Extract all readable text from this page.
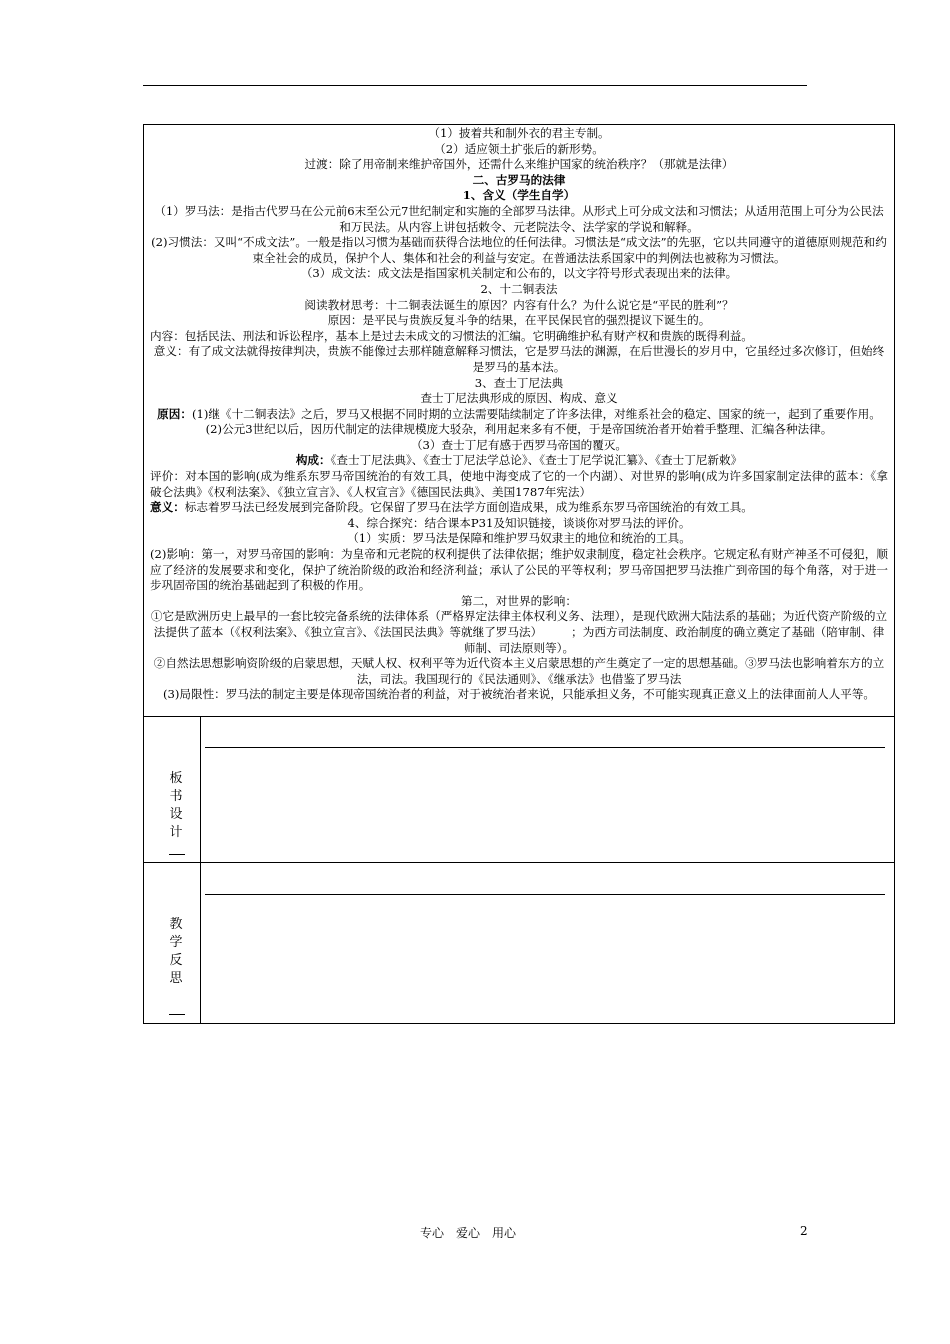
（1）披着共和制外衣的君主专制。

（2）适应领土扩张后的新形势。

过渡：除了用帝制来维护帝国外，还需什么来维护国家的统治秩序？（那就是法律）

二、古罗马的法律

1、含义（学生自学）

（1）罗马法：是指古代罗马在公元前6末至公元7世纪制定和实施的全部罗马法律。从形式上可分成文法和习惯法；从适用范围上可分为公民法和万民法。从内容上讲包括敕令、元老院法令、法学家的学说和解释。

(2)习惯法：又叫“不成文法”。一般是指以习惯为基础而获得合法地位的任何法律。习惯法是“成文法”的先驱，它以共同遵守的道德原则规范和约束全社会的成员，保护个人、集体和社会的利益与安定。在普通法法系国家中的判例法也被称为习惯法。

（3）成文法：成文法是指国家机关制定和公布的，以文字符号形式表现出来的法律。

2、十二铜表法

阅读教材思考：十二铜表法诞生的原因？内容有什么？为什么说它是“平民的胜利”？

原因：是平民与贵族反复斗争的结果，在平民保民官的强烈提议下诞生的。

内容：包括民法、刑法和诉讼程序，基本上是过去未成文的习惯法的汇编。它明确维护私有财产权和贵族的既得利益。

意义：有了成文法就得按律判决，贵族不能像过去那样随意解释习惯法，它是罗马法的渊源，在后世漫长的岁月中，它虽经过多次修订，但始终是罗马的基本法。

3、查士丁尼法典

查士丁尼法典形成的原因、构成、意义

原因：(1)继《十二铜表法》之后，罗马又根据不同时期的立法需要陆续制定了许多法律，对维系社会的稳定、国家的统一，起到了重要作用。

(2)公元3世纪以后，因历代制定的法律规模庞大驳杂，利用起来多有不便，于是帝国统治者开始着手整理、汇编各种法律。

（3）查士丁尼有感于西罗马帝国的覆灭。

构成：《查士丁尼法典》、《查士丁尼法学总论》、《查士丁尼学说汇纂》、《查士丁尼新敕》

评价：对本国的影响(成为维系东罗马帝国统治的有效工具，使地中海变成了它的一个内湖）、对世界的影响(成为许多国家制定法律的蓝本：《拿破仑法典》《权利法案》、《独立宣言》、《人权宣言》《德国民法典》、美国1787年宪法）

意义：标志着罗马法已经发展到完备阶段。它保留了罗马在法学方面创造成果，成为维系东罗马帝国统治的有效工具。

4、综合探究：结合课本P31及知识链接，谈谈你对罗马法的评价。

（1）实质：罗马法是保障和维护罗马奴隶主的地位和统治的工具。

(2)影响：第一，对罗马帝国的影响：为皇帝和元老院的权利提供了法律依据；维护奴隶制度，稳定社会秩序。它规定私有财产神圣不可侵犯，顺应了经济的发展要求和变化，保护了统治阶级的政治和经济利益；承认了公民的平等权利；罗马帝国把罗马法推广到帝国的每个角落，对于进一步巩固帝国的统治基础起到了积极的作用。

第二，对世界的影响：

①它是欧洲历史上最早的一套比较完备系统的法律体系（严格界定法律主体权利义务、法理），是现代欧洲大陆法系的基础；为近代资产阶级的立法提供了蓝本（《权利法案》、《独立宣言》、《法国民法典》等就继了罗马法）　　　；为西方司法制度、政治制度的确立奠定了基础（陪审制、律师制、司法原则等）。

②自然法思想影响资阶级的启蒙思想，天赋人权、权利平等为近代资本主义启蒙思想的产生奠定了一定的思想基础。③罗马法也影响着东方的立法，司法。我国现行的《民法通则》、《继承法》也借鉴了罗马法

(3)局限性：罗马法的制定主要是体现帝国统治者的利益，对于被统治者来说，只能承担义务，不可能实现真正意义上的法律面前人人平等。

板
书
设
计
教
学
反
思
专心　爱心　用心	2
